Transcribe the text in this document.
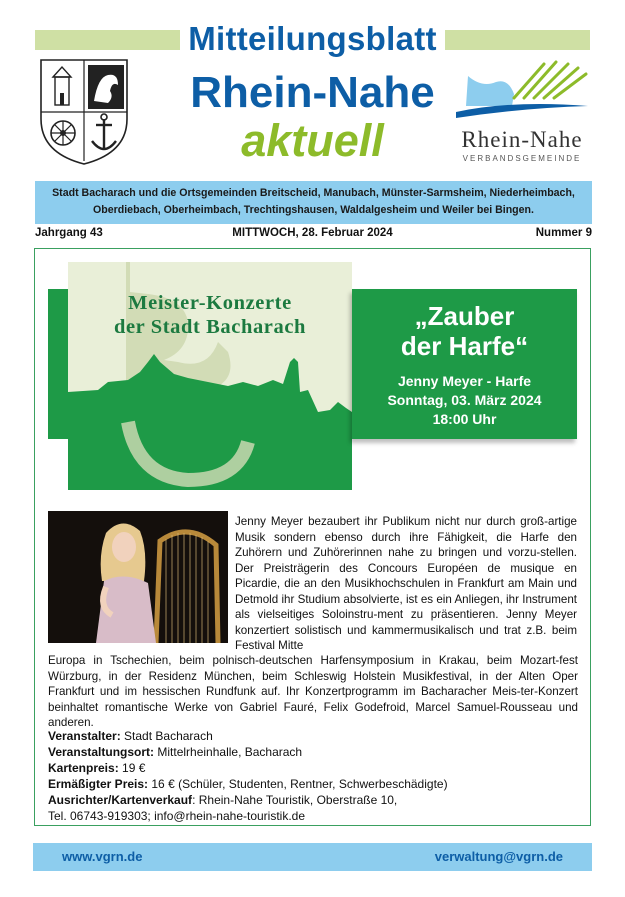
Mitteilungsblatt
Rhein-Nahe
aktuell	Rhein-Nahe
VERBANDSGEMEINDE
Stadt Bacharach und die Ortsgemeinden Breitscheid, Manubach, Münster-Sarmsheim, Niederheimbach,
Oberdiebach, Oberheimbach, Trechtingshausen, Waldalgesheim und Weiler bei Bingen.
Jahrgang 43	MITTWOCH, 28. Februar 2024	Nummer 9
Meister-Konzerte
der Stadt Bacharach	„Zauber
der Harfe“
Jenny Meyer - Harfe
Sonntag, 03. März 2024
18:00 Uhr
Jenny Meyer bezaubert ihr Publikum nicht nur durch groß-artige Musik sondern ebenso durch ihre Fähigkeit, die Harfe den Zuhörern und Zuhörerinnen nahe zu bringen und vorzu-stellen. Der Preisträgerin des Concours Européen de musique en Picardie, die an den Musikhochschulen in Frankfurt am Main und Detmold ihr Studium absolvierte, ist es ein Anliegen, ihr Instrument als vielseitiges Soloinstru-ment zu präsentieren. Jenny Meyer konzertiert solistisch und kammermusikalisch und trat z.B. beim Festival Mitte
Europa in Tschechien, beim polnisch-deutschen Harfensymposium in Krakau, beim Mozart-fest Würzburg, in der Residenz München, beim Schleswig Holstein Musikfestival, in der Alten Oper Frankfurt und im hessischen Rundfunk auf. Ihr Konzertprogramm im Bacharacher Meis-ter-Konzert beinhaltet romantische Werke von Gabriel Fauré, Felix Godefroid, Marcel Samuel-Rousseau und anderen.
Veranstalter: Stadt Bacharach
Veranstaltungsort: Mittelrheinhalle, Bacharach
Kartenpreis: 19 €
Ermäßigter Preis: 16 € (Schüler, Studenten, Rentner, Schwerbeschädigte)
Ausrichter/Kartenverkauf: Rhein-Nahe Touristik, Oberstraße 10,
Tel. 06743-919303; info@rhein-nahe-touristik.de
www.vgrn.de	verwaltung@vgrn.de
